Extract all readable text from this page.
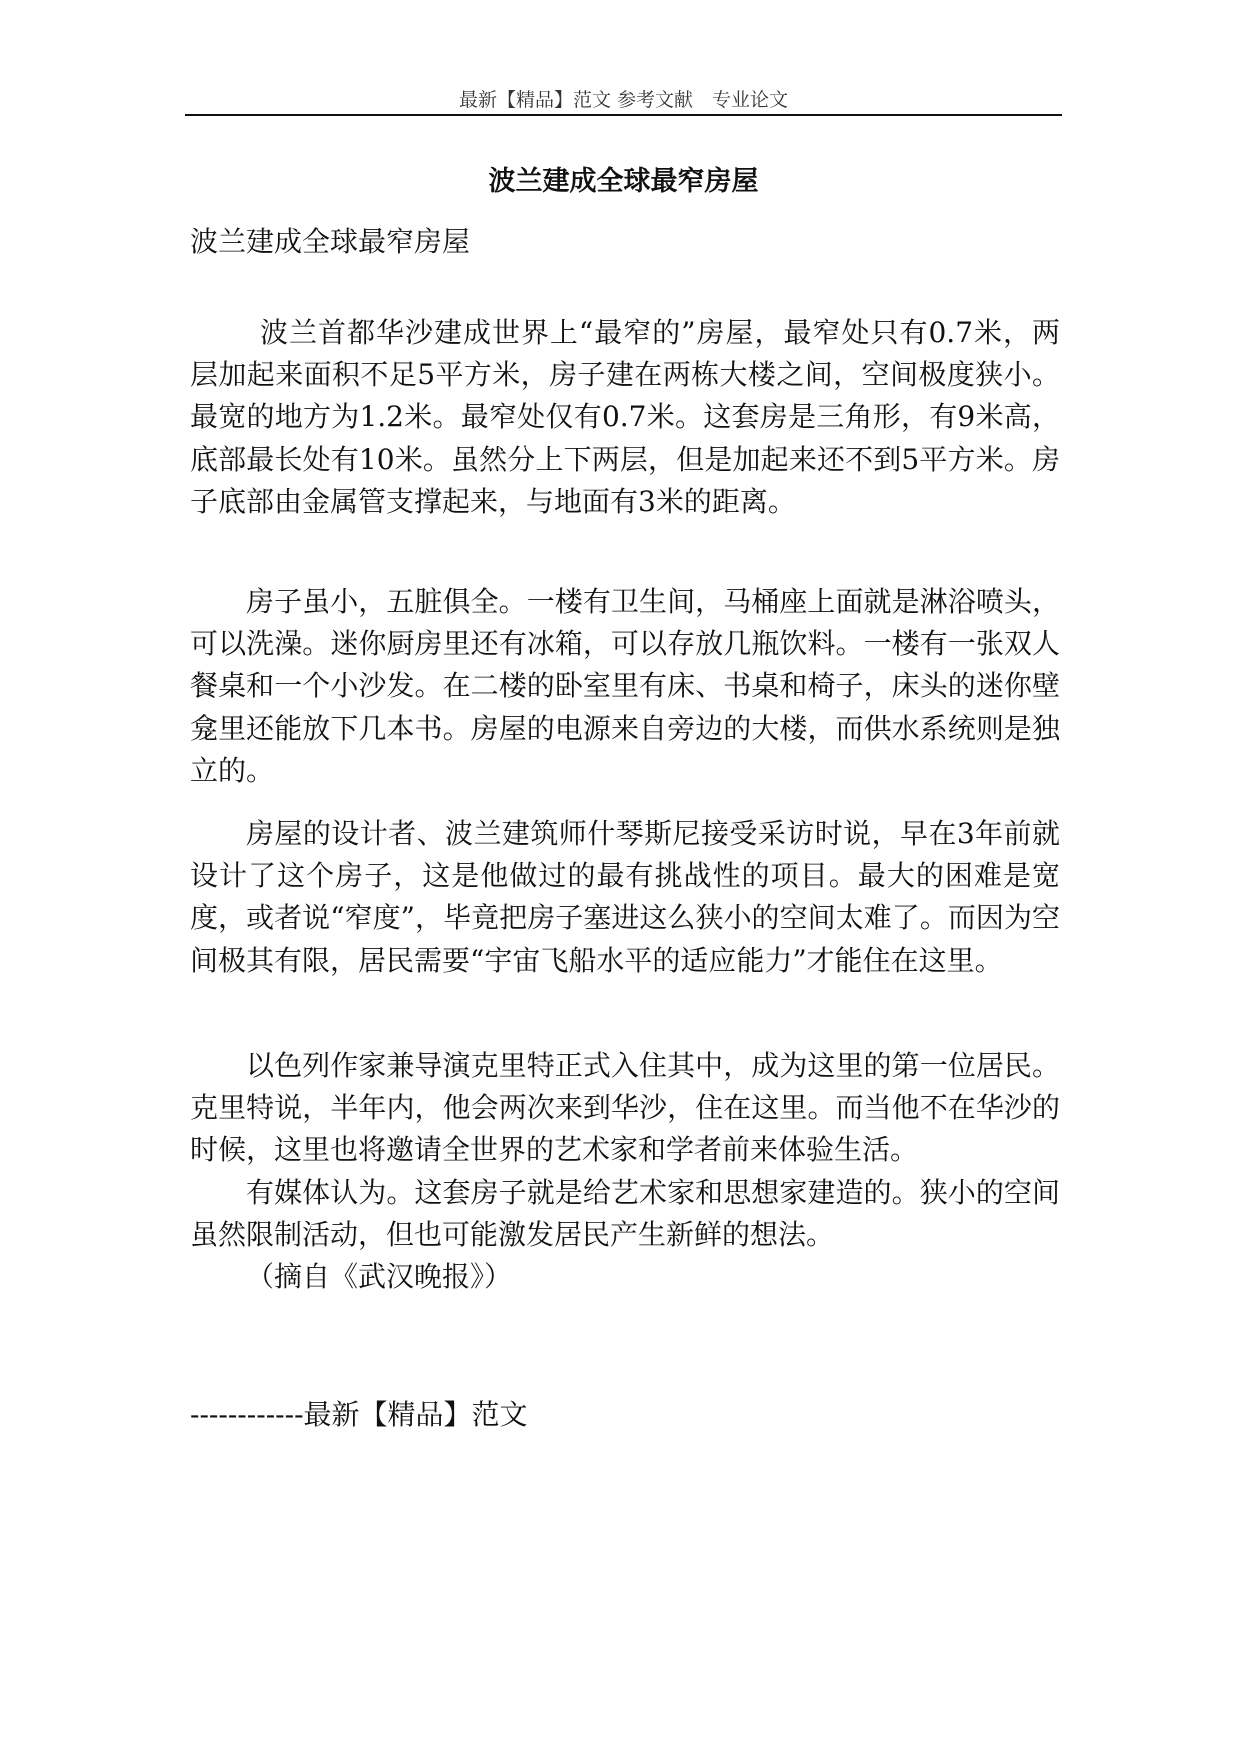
最新【精品】范文 参考文献　专业论文
波兰建成全球最窄房屋
波兰建成全球最窄房屋

波兰首都华沙建成世界上“最窄的”房屋，最窄处只有0.7米，两层加起来面积不足5平方米，房子建在两栋大楼之间，空间极度狭小。最宽的地方为1.2米。最窄处仅有0.7米。这套房是三角形，有9米高，底部最长处有10米。虽然分上下两层，但是加起来还不到5平方米。房子底部由金属管支撑起来，与地面有3米的距离。

房子虽小，五脏俱全。一楼有卫生间，马桶座上面就是淋浴喷头，可以洗澡。迷你厨房里还有冰箱，可以存放几瓶饮料。一楼有一张双人餐桌和一个小沙发。在二楼的卧室里有床、书桌和椅子，床头的迷你壁龛里还能放下几本书。房屋的电源来自旁边的大楼，而供水系统则是独立的。

房屋的设计者、波兰建筑师什琴斯尼接受采访时说，早在3年前就设计了这个房子，这是他做过的最有挑战性的项目。最大的困难是宽度，或者说“窄度”，毕竟把房子塞进这么狭小的空间太难了。而因为空间极其有限，居民需要“宇宙飞船水平的适应能力”才能住在这里。

以色列作家兼导演克里特正式入住其中，成为这里的第一位居民。克里特说，半年内，他会两次来到华沙，住在这里。而当他不在华沙的时候，这里也将邀请全世界的艺术家和学者前来体验生活。

有媒体认为。这套房子就是给艺术家和思想家建造的。狭小的空间虽然限制活动，但也可能激发居民产生新鲜的想法。

（摘自《武汉晚报》）
------------最新【精品】范文
